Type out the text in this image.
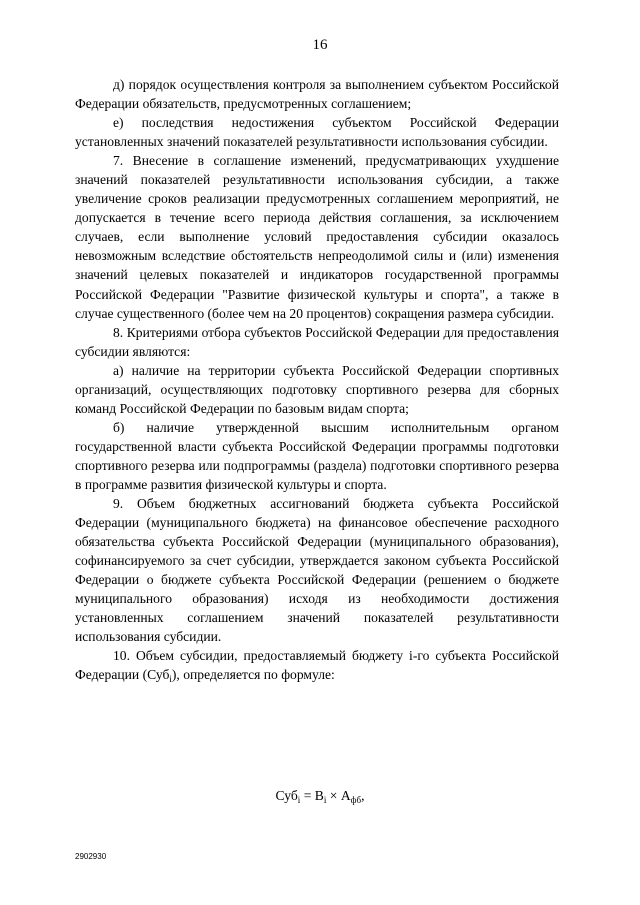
16

д) порядок осуществления контроля за выполнением субъектом Российской Федерации обязательств, предусмотренных соглашением;

е) последствия недостижения субъектом Российской Федерации установленных значений показателей результативности использования субсидии.

7. Внесение в соглашение изменений, предусматривающих ухудшение значений показателей результативности использования субсидии, а также увеличение сроков реализации предусмотренных соглашением мероприятий, не допускается в течение всего периода действия соглашения, за исключением случаев, если выполнение условий предоставления субсидии оказалось невозможным вследствие обстоятельств непреодолимой силы и (или) изменения значений целевых показателей и индикаторов государственной программы Российской Федерации "Развитие физической культуры и спорта", а также в случае существенного (более чем на 20 процентов) сокращения размера субсидии.

8. Критериями отбора субъектов Российской Федерации для предоставления субсидии являются:

а) наличие на территории субъекта Российской Федерации спортивных организаций, осуществляющих подготовку спортивного резерва для сборных команд Российской Федерации по базовым видам спорта;

б) наличие утвержденной высшим исполнительным органом государственной власти субъекта Российской Федерации программы подготовки спортивного резерва или подпрограммы (раздела) подготовки спортивного резерва в программе развития физической культуры и спорта.

9. Объем бюджетных ассигнований бюджета субъекта Российской Федерации (муниципального бюджета) на финансовое обеспечение расходного обязательства субъекта Российской Федерации (муниципального образования), софинансируемого за счет субсидии, утверждается законом субъекта Российской Федерации о бюджете субъекта Российской Федерации (решением о бюджете муниципального образования) исходя из необходимости достижения установленных соглашением значений показателей результативности использования субсидии.

10. Объем субсидии, предоставляемый бюджету i-го субъекта Российской Федерации (Суб$_i$), определяется по формуле:

$Суб_i = В_i \times А_{фб}$,
2902930
